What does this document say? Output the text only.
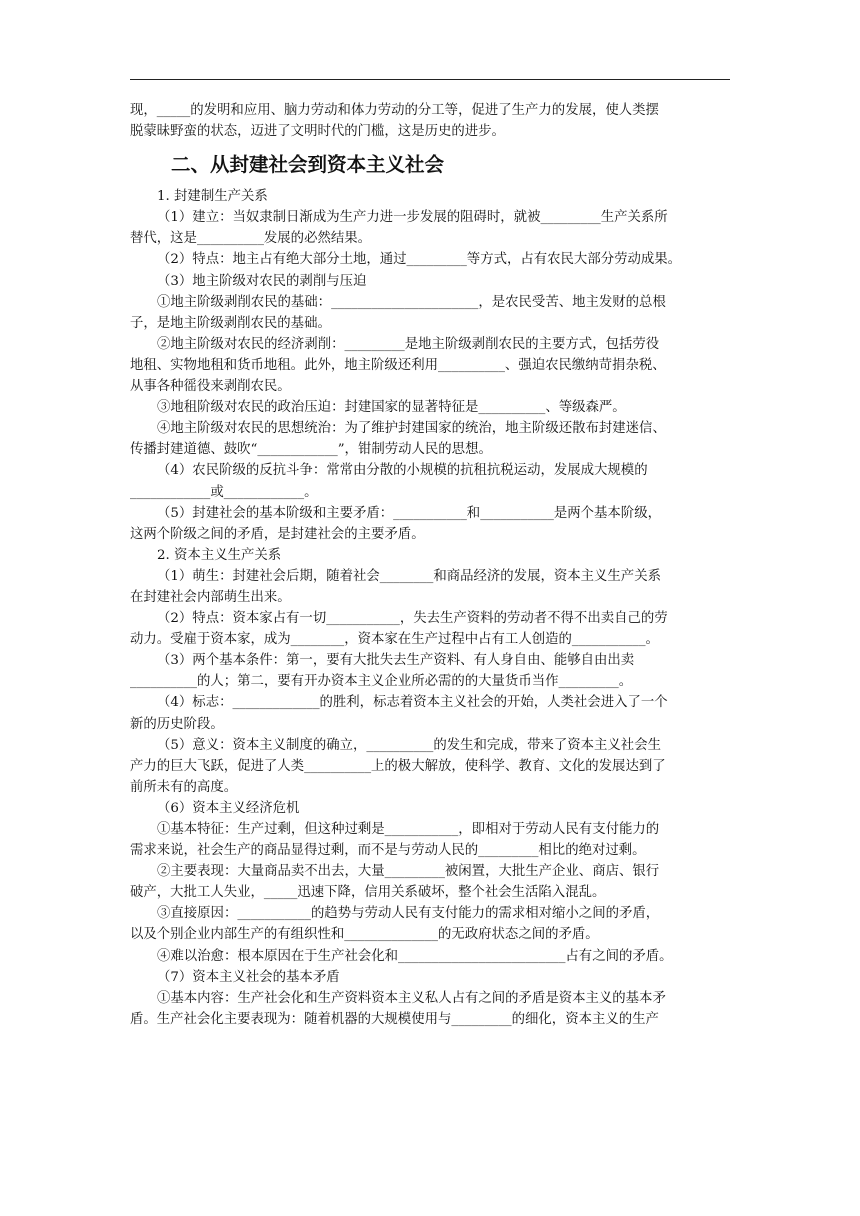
现，_____的发明和应用、脑力劳动和体力劳动的分工等，促进了生产力的发展，使人类摆

脱蒙昧野蛮的状态，迈进了文明时代的门槛，这是历史的进步。

二、从封建社会到资本主义社会

1. 封建制生产关系

（1）建立：当奴隶制日渐成为生产力进一步发展的阻碍时，就被_________生产关系所

替代，这是__________发展的必然结果。

（2）特点：地主占有绝大部分土地，通过_________等方式，占有农民大部分劳动成果。

（3）地主阶级对农民的剥削与压迫

①地主阶级剥削农民的基础：______________________，是农民受苦、地主发财的总根

子，是地主阶级剥削农民的基础。

②地主阶级对农民的经济剥削：_________是地主阶级剥削农民的主要方式，包括劳役

地租、实物地租和货币地租。此外，地主阶级还利用__________、强迫农民缴纳苛捐杂税、

从事各种徭役来剥削农民。

③地租阶级对农民的政治压迫：封建国家的显著特征是__________、等级森严。

④地主阶级对农民的思想统治：为了维护封建国家的统治，地主阶级还散布封建迷信、

传播封建道德、鼓吹“____________”，钳制劳动人民的思想。

（4）农民阶级的反抗斗争：常常由分散的小规模的抗租抗税运动，发展成大规模的

____________或____________。

（5）封建社会的基本阶级和主要矛盾：___________和___________是两个基本阶级，

这两个阶级之间的矛盾，是封建社会的主要矛盾。

2. 资本主义生产关系

（1）萌生：封建社会后期，随着社会________和商品经济的发展，资本主义生产关系

在封建社会内部萌生出来。

（2）特点：资本家占有一切___________，失去生产资料的劳动者不得不出卖自己的劳

动力。受雇于资本家，成为________，资本家在生产过程中占有工人创造的___________。

（3）两个基本条件：第一，要有大批失去生产资料、有人身自由、能够自由出卖

__________的人；第二，要有开办资本主义企业所必需的的大量货币当作_________。

（4）标志：_____________的胜利，标志着资本主义社会的开始，人类社会进入了一个

新的历史阶段。

（5）意义：资本主义制度的确立，__________的发生和完成，带来了资本主义社会生

产力的巨大飞跃，促进了人类__________上的极大解放，使科学、教育、文化的发展达到了

前所未有的高度。

（6）资本主义经济危机

①基本特征：生产过剩，但这种过剩是___________，即相对于劳动人民有支付能力的

需求来说，社会生产的商品显得过剩，而不是与劳动人民的_________相比的绝对过剩。

②主要表现：大量商品卖不出去，大量_________被闲置，大批生产企业、商店、银行

破产，大批工人失业，_____迅速下降，信用关系破坏，整个社会生活陷入混乱。

③直接原因：___________的趋势与劳动人民有支付能力的需求相对缩小之间的矛盾，

以及个别企业内部生产的有组织性和______________的无政府状态之间的矛盾。

④难以治愈：根本原因在于生产社会化和_________________________占有之间的矛盾。

（7）资本主义社会的基本矛盾

①基本内容：生产社会化和生产资料资本主义私人占有之间的矛盾是资本主义的基本矛

盾。生产社会化主要表现为：随着机器的大规模使用与_________的细化，资本主义的生产
